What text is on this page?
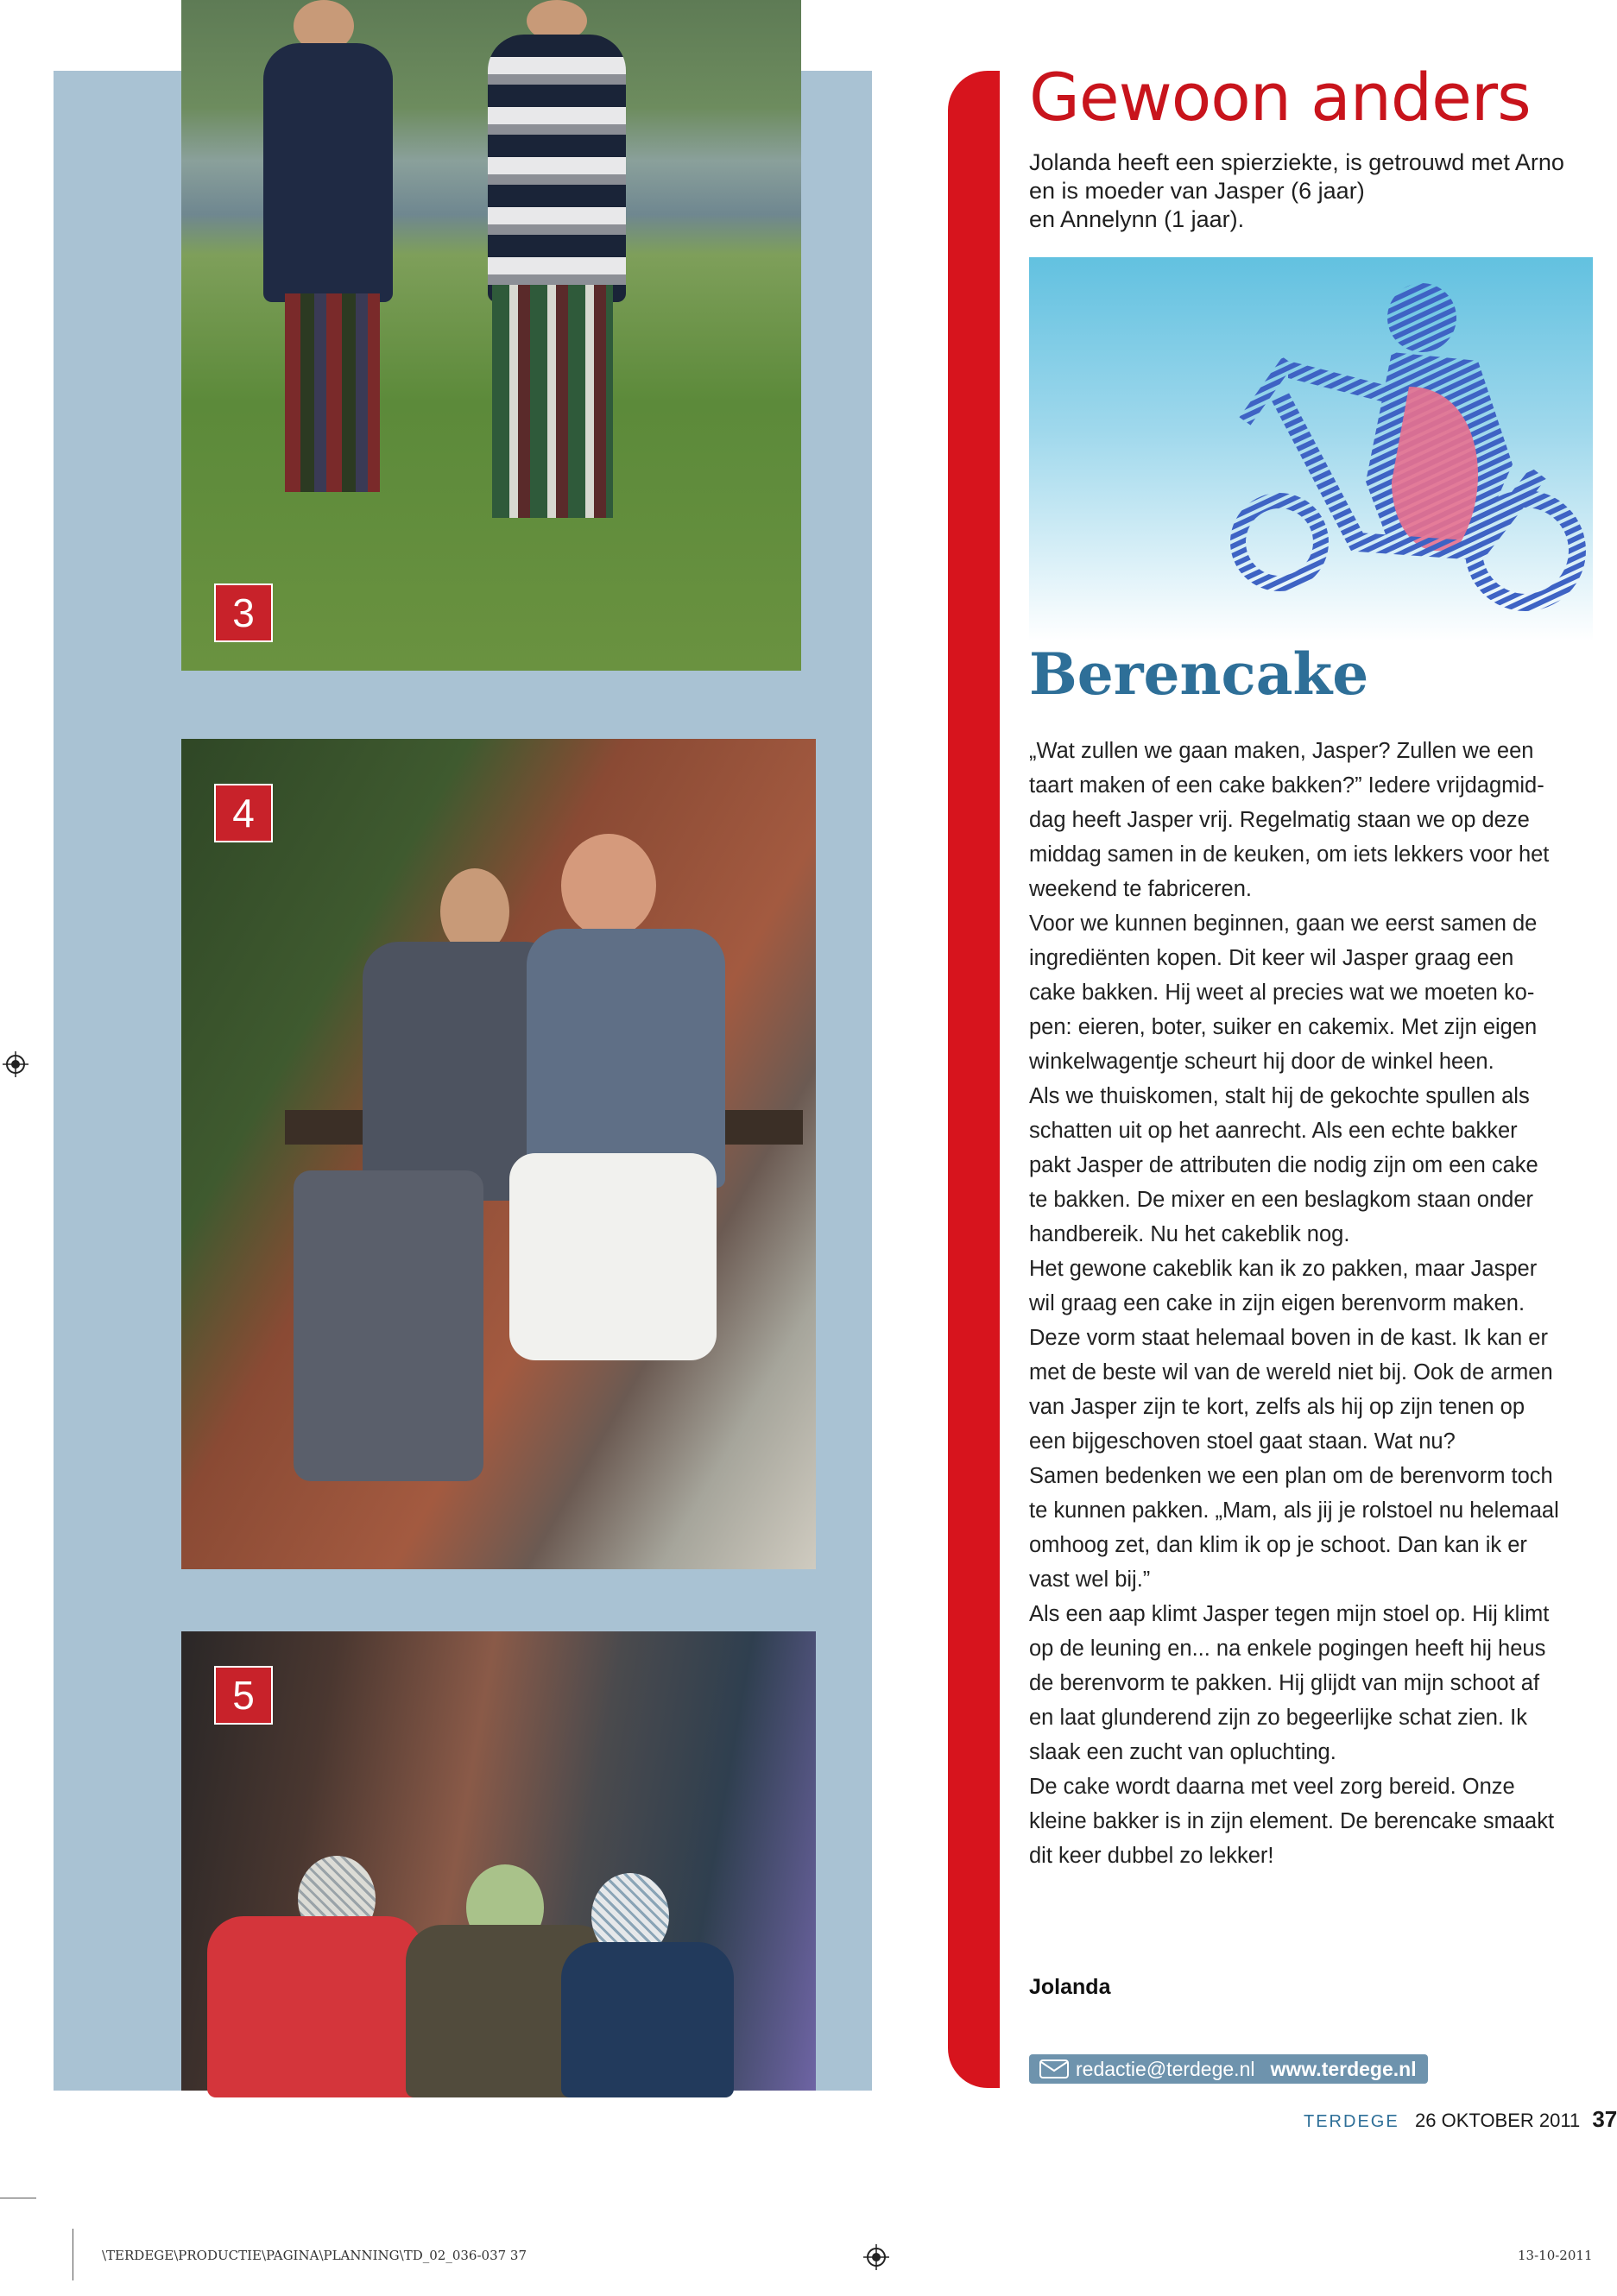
3
4
5
Gewoon anders
Jolanda heeft een spierziekte, is getrouwd met Arno
en is moeder van Jasper (6 jaar)
en Annelynn (1 jaar).
Berencake

„Wat zullen we gaan maken, Jasper? Zullen we een

taart maken of een cake bakken?” Iedere vrijdagmid-

dag heeft Jasper vrij. Regelmatig staan we op deze

middag samen in de keuken, om iets lekkers voor het

weekend te fabriceren.

Voor we kunnen beginnen, gaan we eerst samen de

ingrediënten kopen. Dit keer wil Jasper graag een

cake bakken. Hij weet al precies wat we moeten ko-

pen: eieren, boter, suiker en cakemix. Met zijn eigen

winkelwagentje scheurt hij door de winkel heen.

Als we thuiskomen, stalt hij de gekochte spullen als

schatten uit op het aanrecht. Als een echte bakker

pakt Jasper de attributen die nodig zijn om een cake

te bakken. De mixer en een beslagkom staan onder

handbereik. Nu het cakeblik nog.

Het gewone cakeblik kan ik zo pakken, maar Jasper

wil graag een cake in zijn eigen berenvorm maken.

Deze vorm staat helemaal boven in de kast. Ik kan er

met de beste wil van de wereld niet bij. Ook de armen

van Jasper zijn te kort, zelfs als hij op zijn tenen op

een bijgeschoven stoel gaat staan. Wat nu?

Samen bedenken we een plan om de berenvorm toch

te kunnen pakken. „Mam, als jij je rolstoel nu helemaal

omhoog zet, dan klim ik op je schoot. Dan kan ik er

vast wel bij.”

Als een aap klimt Jasper tegen mijn stoel op. Hij klimt

op de leuning en... na enkele pogingen heeft hij heus

de berenvorm te pakken. Hij glijdt van mijn schoot af

en laat glunderend zijn zo begeerlijke schat zien. Ik

slaak een zucht van opluchting.

De cake wordt daarna met veel zorg bereid. Onze

kleine bakker is in zijn element. De berencake smaakt

dit keer dubbel zo lekker!

Jolanda
redactie@terdege.nl www.terdege.nl
TERDEGE 26 OKTOBER 2011 37
\TERDEGE\PRODUCTIE\PAGINA\PLANNING\TD_02_036-037 37	13-10-2011
